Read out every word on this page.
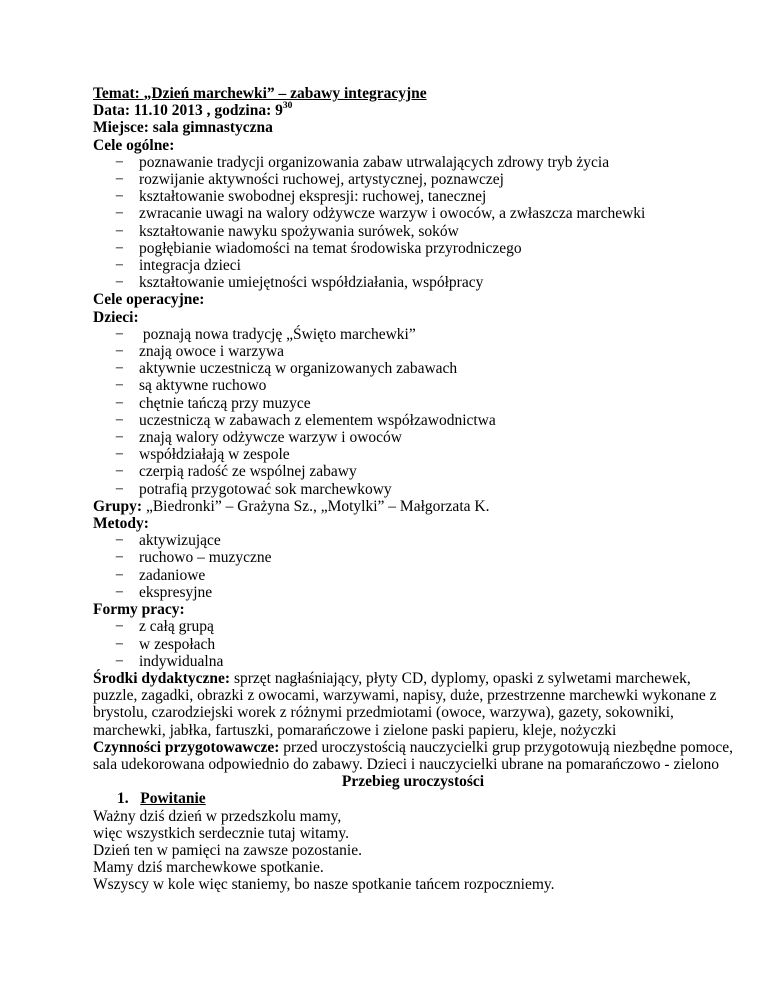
Temat: „Dzień marchewki” – zabawy integracyjne
Data: 11.10 2013 , godzina: $9^{30}$
Miejsce: sala gimnastyczna
Cele ogólne:
− poznawanie tradycji organizowania zabaw utrwalających zdrowy tryb życia
− rozwijanie aktywności ruchowej, artystycznej, poznawczej
− kształtowanie swobodnej ekspresji: ruchowej, tanecznej
− zwracanie uwagi na walory odżywcze warzyw i owoców, a zwłaszcza marchewki
− kształtowanie nawyku spożywania surówek, soków
− pogłębianie wiadomości na temat środowiska przyrodniczego
− integracja dzieci
− kształtowanie umiejętności współdziałania, współpracy
Cele operacyjne:
Dzieci:
− poznają nowa tradycję „Święto marchewki”
− znają owoce i warzywa
− aktywnie uczestniczą w organizowanych zabawach
− są aktywne ruchowo
− chętnie tańczą przy muzyce
− uczestniczą w zabawach z elementem współzawodnictwa
− znają walory odżywcze warzyw i owoców
− współdziałają w zespole
− czerpią radość ze wspólnej zabawy
− potrafią przygotować sok marchewkowy
Grupy: „Biedronki” – Grażyna Sz., „Motylki” – Małgorzata K.
Metody:
− aktywizujące
− ruchowo – muzyczne
− zadaniowe
− ekspresyjne
Formy pracy:
− z całą grupą
− w zespołach
− indywidualna
Środki dydaktyczne: sprzęt nagłaśniający, płyty CD, dyplomy, opaski z sylwetami marchewek, puzzle, zagadki, obrazki z owocami, warzywami, napisy, duże, przestrzenne marchewki wykonane z brystolu, czarodziejski worek z różnymi przedmiotami (owoce, warzywa), gazety, sokowniki, marchewki, jabłka, fartuszki, pomarańczowe i zielone paski papieru, kleje, nożyczki
Czynności przygotowawcze: przed uroczystością nauczycielki grup przygotowują niezbędne pomoce, sala udekorowana odpowiednio do zabawy. Dzieci i nauczycielki ubrane na pomarańczowo - zielono
Przebieg uroczystości
1. Powitanie
Ważny dziś dzień w przedszkolu mamy,
więc wszystkich serdecznie tutaj witamy.
Dzień ten w pamięci na zawsze pozostanie.
Mamy dziś marchewkowe spotkanie.
Wszyscy w kole więc staniemy, bo nasze spotkanie tańcem rozpoczniemy.
